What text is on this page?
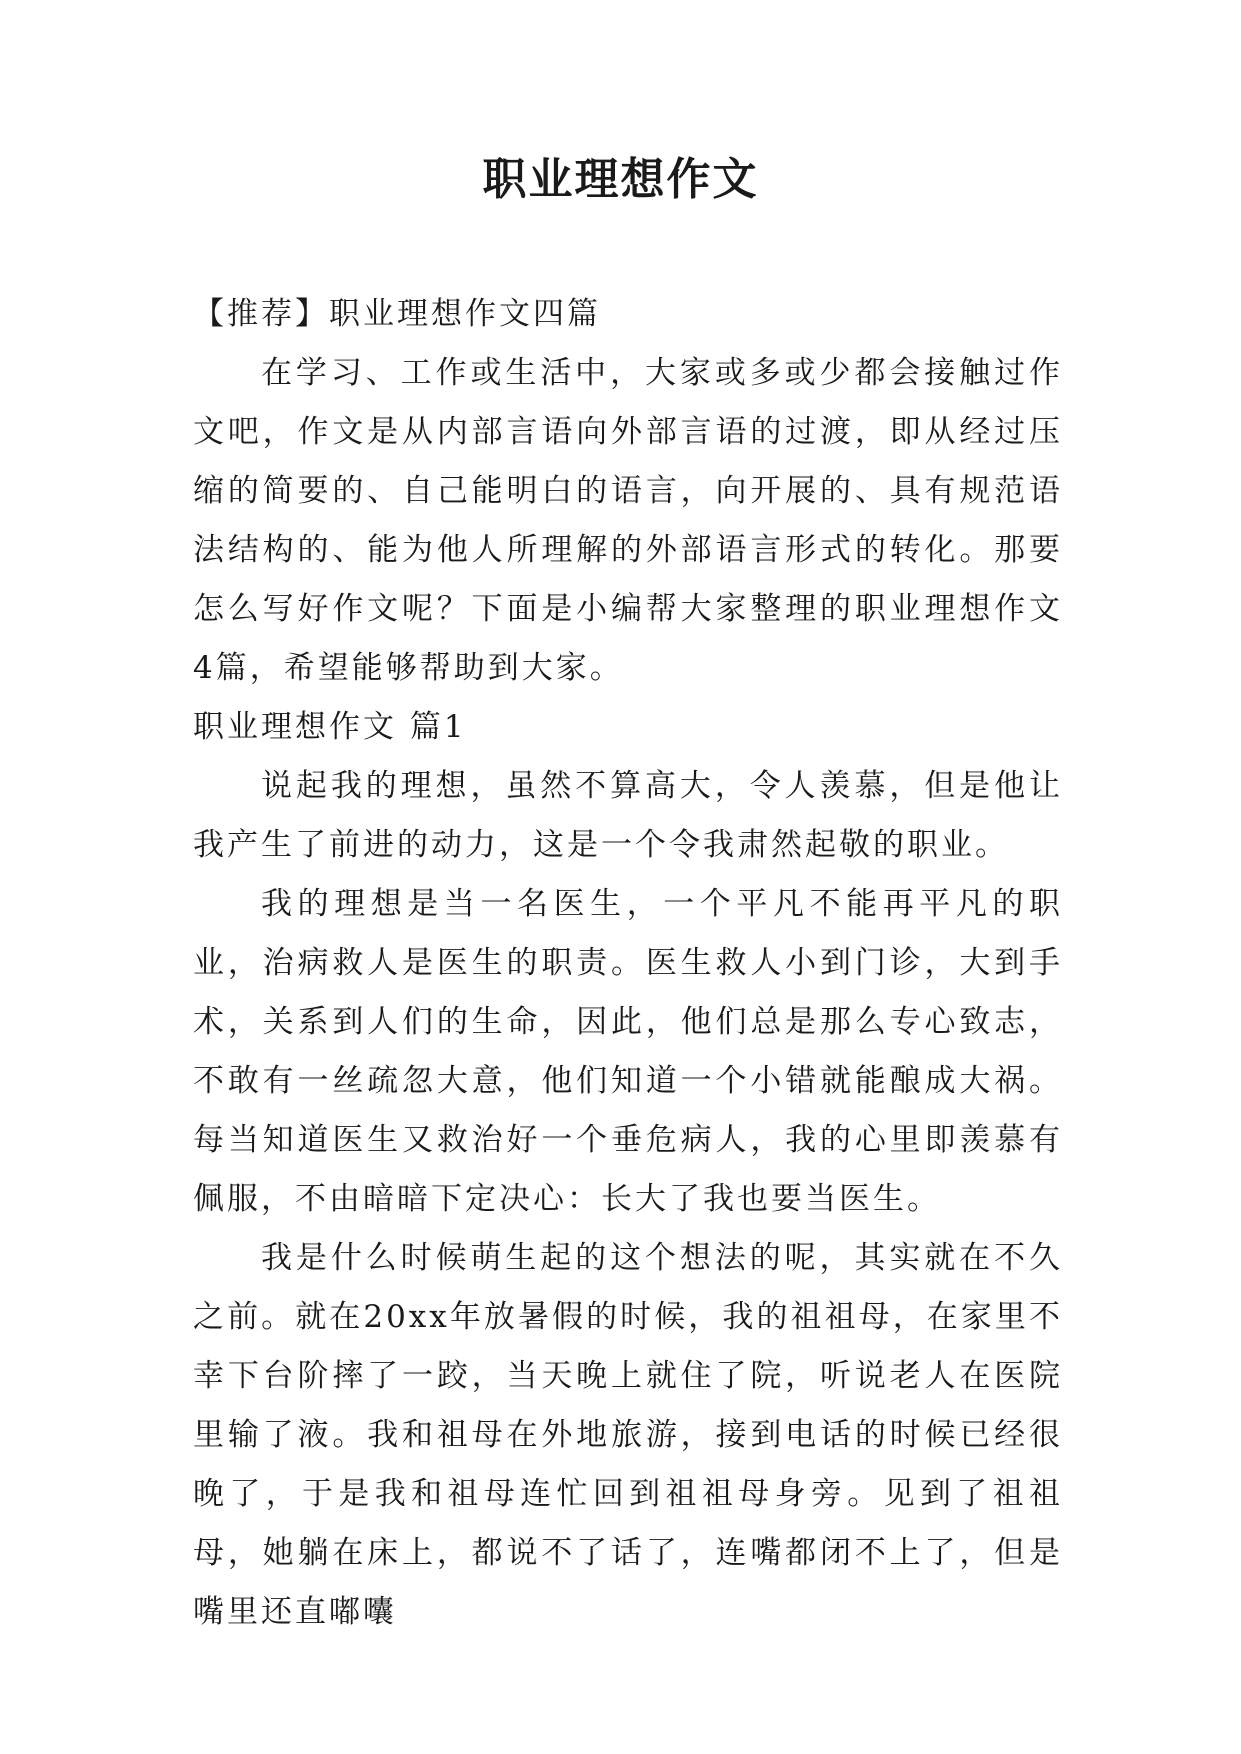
职业理想作文

【推荐】职业理想作文四篇

在学习、工作或生活中，大家或多或少都会接触过作文吧，作文是从内部言语向外部言语的过渡，即从经过压缩的简要的、自己能明白的语言，向开展的、具有规范语法结构的、能为他人所理解的外部语言形式的转化。那要怎么写好作文呢？下面是小编帮大家整理的职业理想作文4篇，希望能够帮助到大家。

职业理想作文 篇1

说起我的理想，虽然不算高大，令人羡慕，但是他让我产生了前进的动力，这是一个令我肃然起敬的职业。

我的理想是当一名医生，一个平凡不能再平凡的职业，治病救人是医生的职责。医生救人小到门诊，大到手术，关系到人们的生命，因此，他们总是那么专心致志，不敢有一丝疏忽大意，他们知道一个小错就能酿成大祸。每当知道医生又救治好一个垂危病人，我的心里即羡慕有佩服，不由暗暗下定决心：长大了我也要当医生。

我是什么时候萌生起的这个想法的呢，其实就在不久之前。就在20xx年放暑假的时候，我的祖祖母，在家里不幸下台阶摔了一跤，当天晚上就住了院，听说老人在医院里输了液。我和祖母在外地旅游，接到电话的时候已经很晚了，于是我和祖母连忙回到祖祖母身旁。见到了祖祖母，她躺在床上，都说不了话了，连嘴都闭不上了，但是嘴里还直嘟囔
